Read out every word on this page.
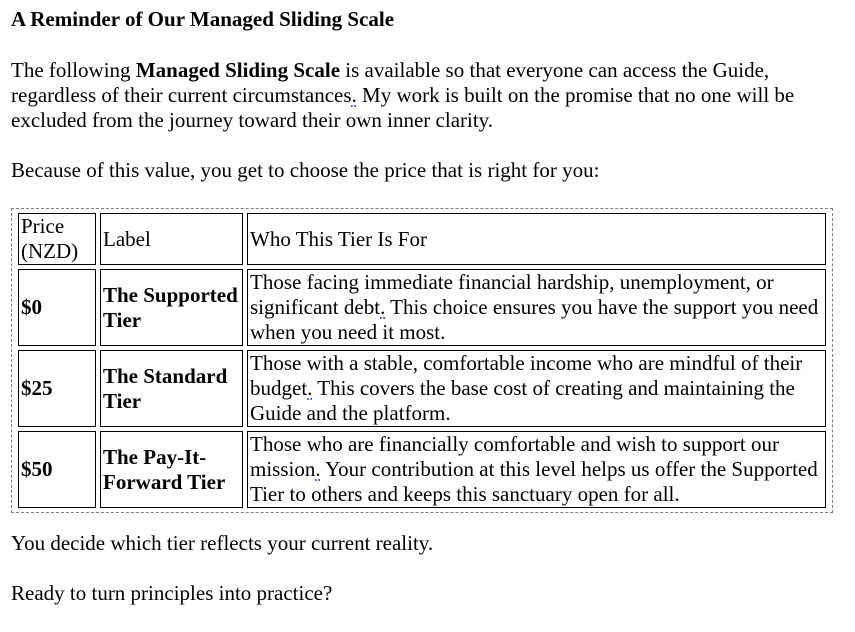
A Reminder of Our Managed Sliding Scale

The following Managed Sliding Scale is available so that everyone can access the Guide, regardless of their current circumstances. My work is built on the promise that no one will be excluded from the journey toward their own inner clarity.

Because of this value, you get to choose the price that is right for you:

Price (NZD)	Label	Who This Tier Is For
$0	The Supported Tier	Those facing immediate financial hardship, unemployment, or significant debt. This choice ensures you have the support you need when you need it most.
$25	The Standard Tier	Those with a stable, comfortable income who are mindful of their budget. This covers the base cost of creating and maintaining the Guide and the platform.
$50	The Pay-It-Forward Tier	Those who are financially comfortable and wish to support our mission. Your contribution at this level helps us offer the Supported Tier to others and keeps this sanctuary open for all.

You decide which tier reflects your current reality.

Ready to turn principles into practice?
